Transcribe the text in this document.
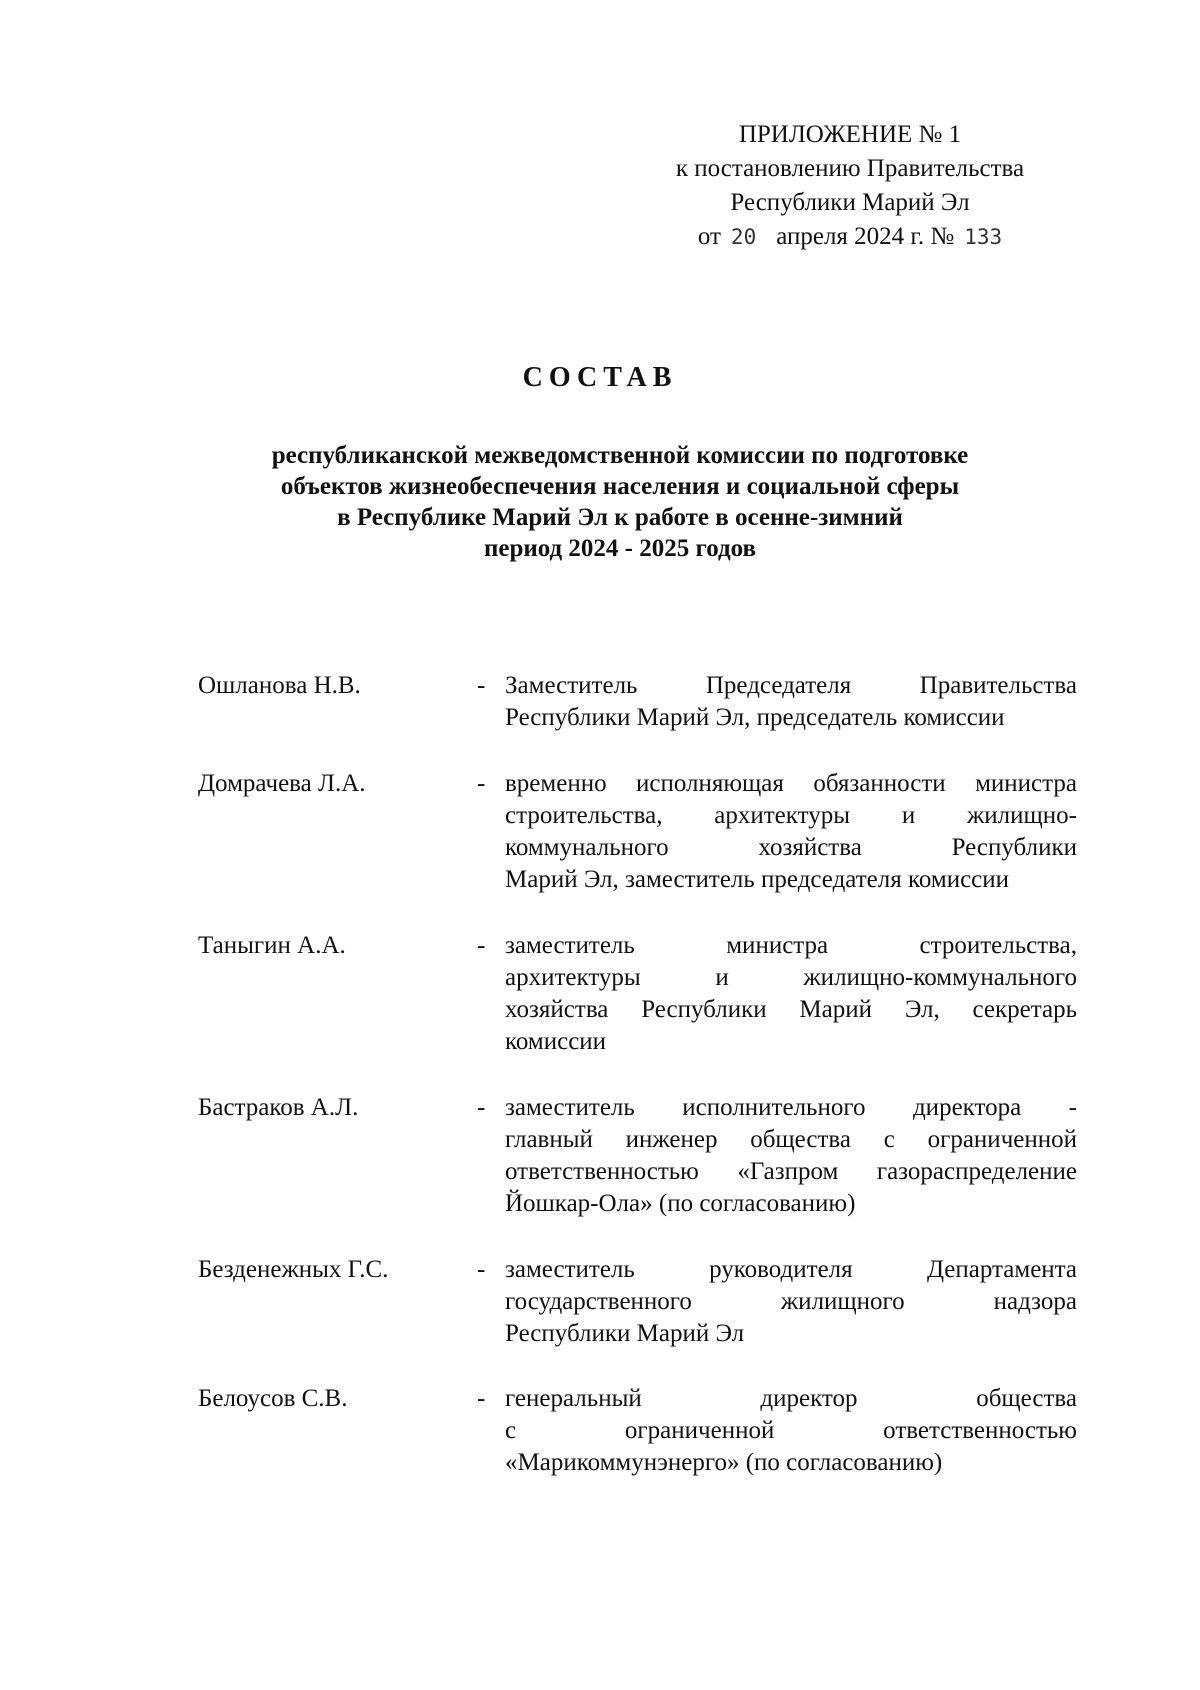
ПРИЛОЖЕНИЕ № 1
к постановлению Правительства
Республики Марий Эл
от 20 апреля 2024 г. № 133
СОСТАВ
республиканской межведомственной комиссии по подготовке
объектов жизнеобеспечения населения и социальной сферы
в Республике Марий Эл к работе в осенне-зимний
период 2024 - 2025 годов
Ошланова Н.В.	- Заместитель Председателя Правительства
Республики Марий Эл, председатель комиссии
Домрачева Л.А.	- временно исполняющая обязанности министра
строительства, архитектуры и жилищно-
коммунального хозяйства Республики
Марий Эл, заместитель председателя комиссии
Таныгин А.А.	- заместитель министра строительства,
архитектуры и жилищно-коммунального
хозяйства Республики Марий Эл, секретарь
комиссии
Бастраков А.Л.	- заместитель исполнительного директора -
главный инженер общества с ограниченной
ответственностью «Газпром газораспределение
Йошкар-Ола» (по согласованию)
Безденежных Г.С.	- заместитель руководителя Департамента
государственного жилищного надзора
Республики Марий Эл
Белоусов С.В.	- генеральный директор общества
с ограниченной ответственностью
«Марикоммунэнерго» (по согласованию)
